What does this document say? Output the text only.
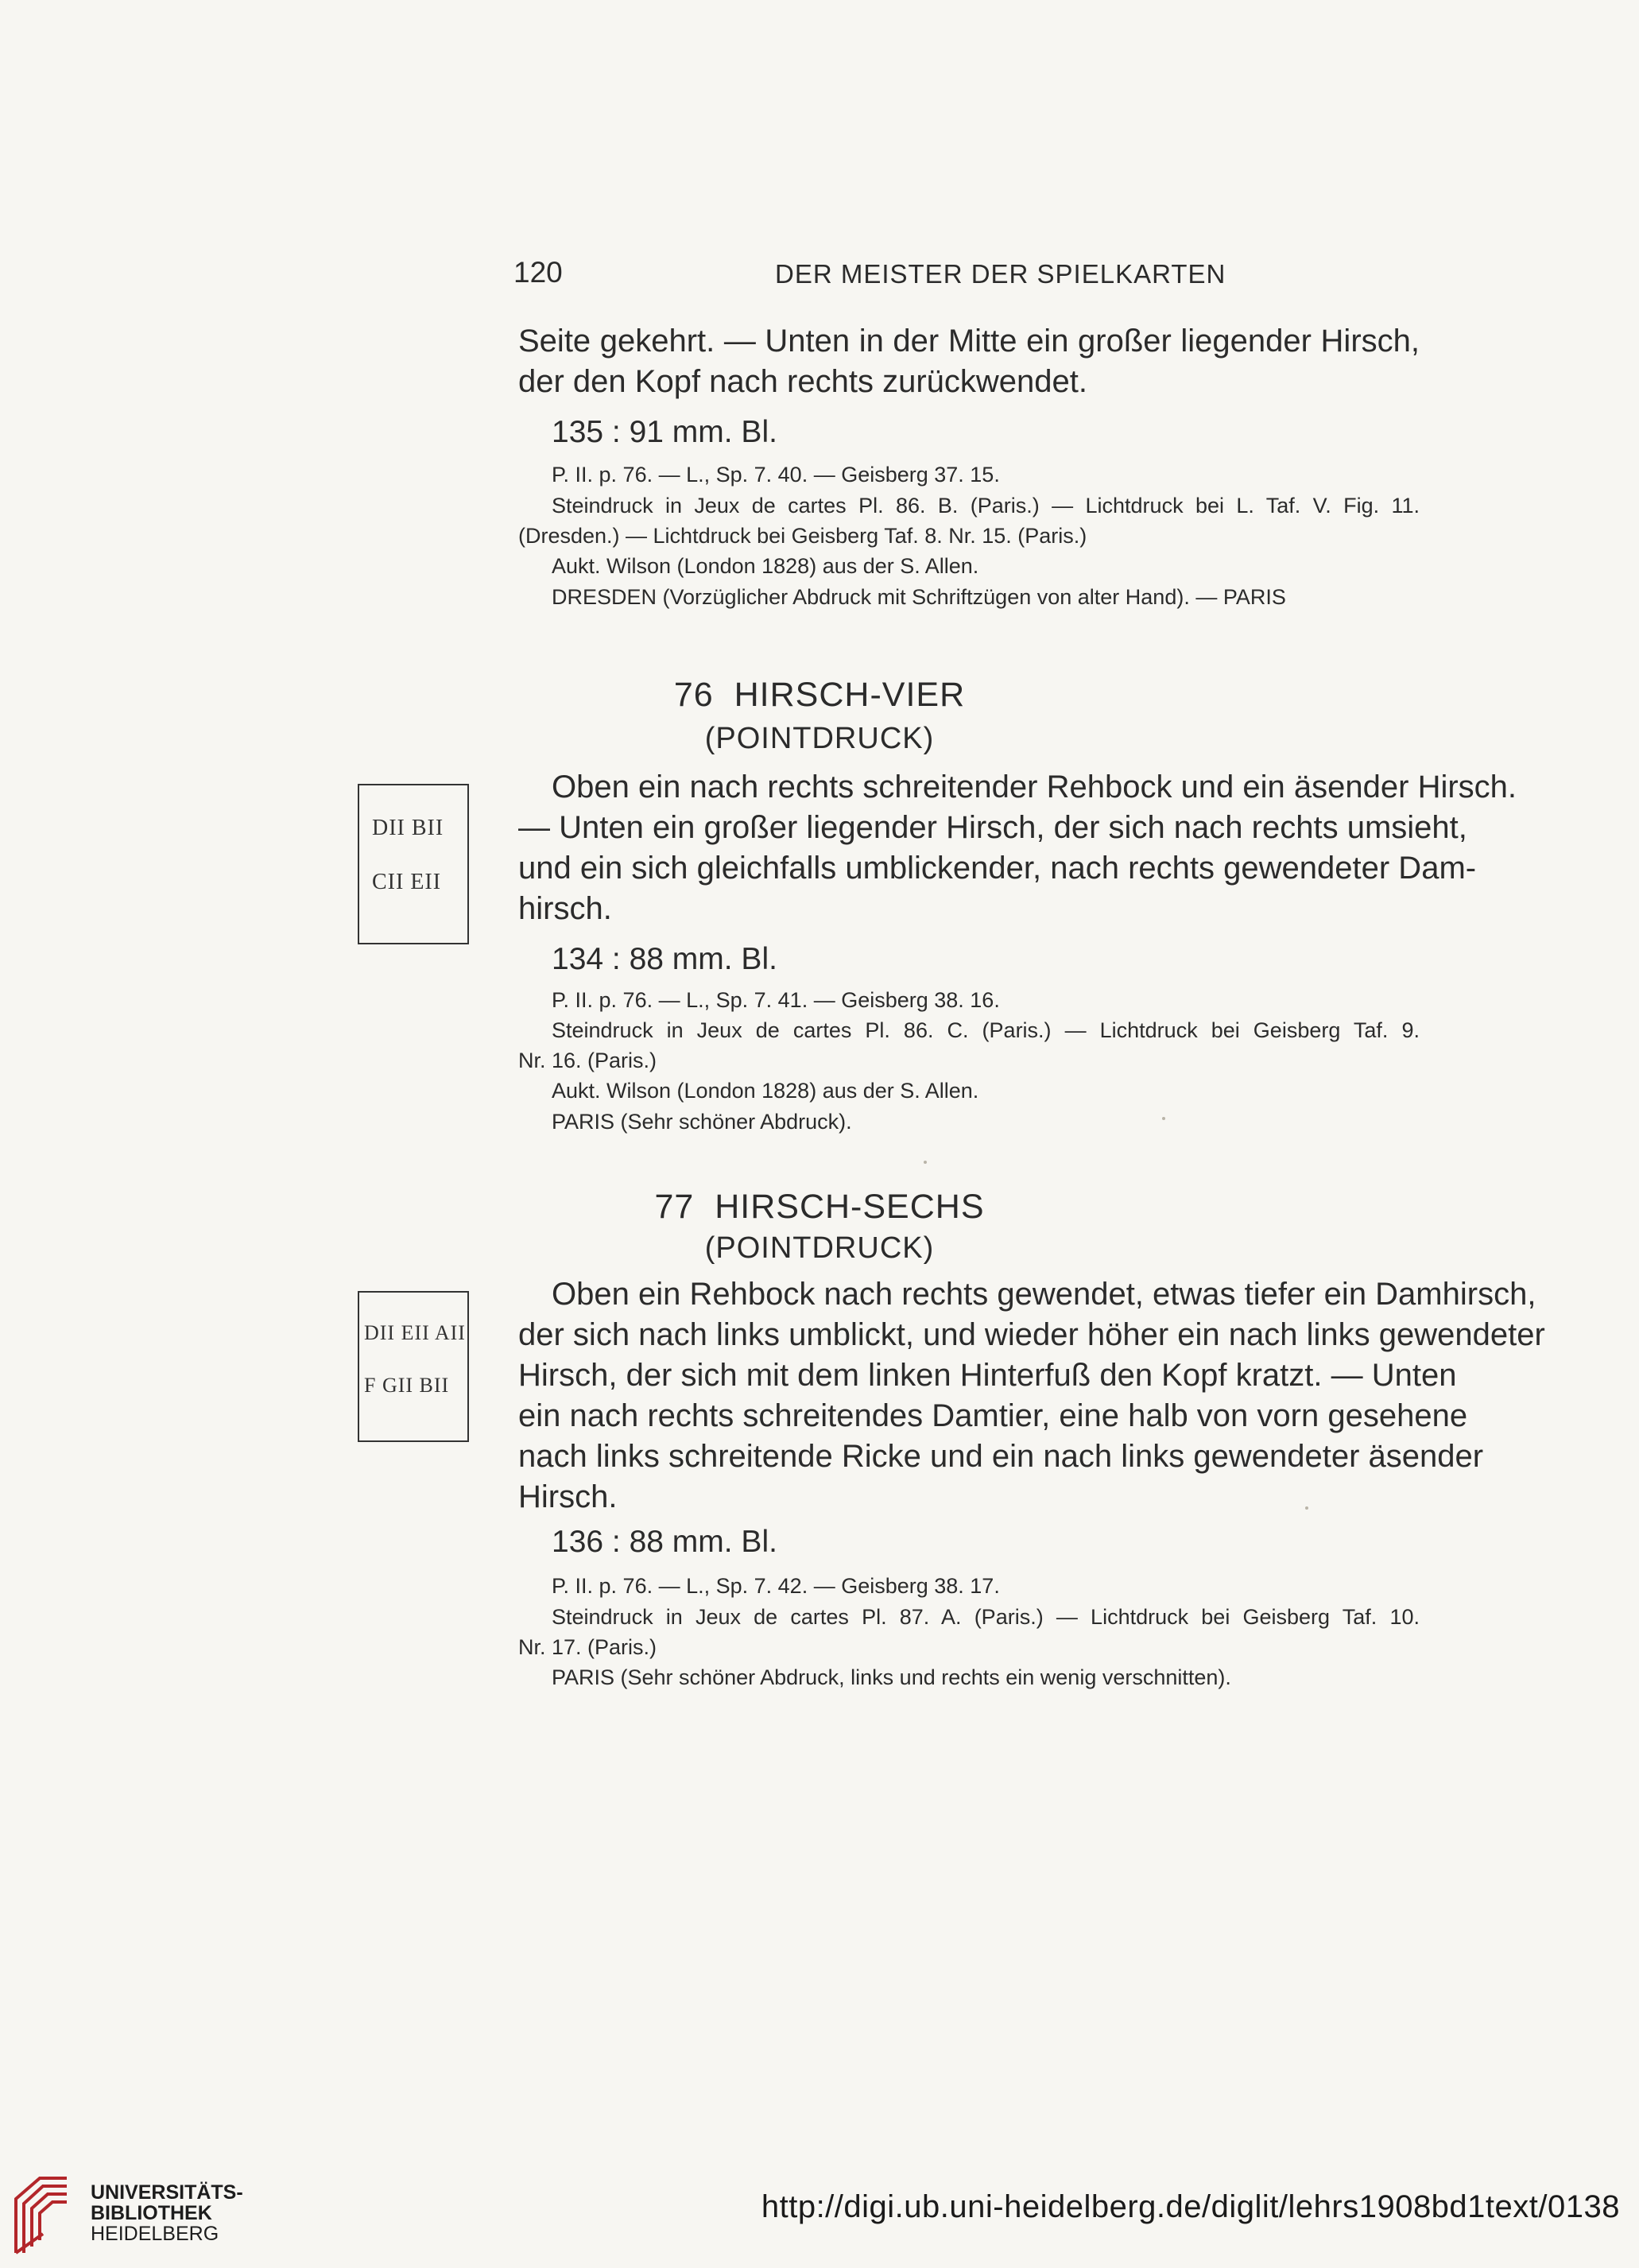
120	DER MEISTER DER SPIELKARTEN
Seite gekehrt. — Unten in der Mitte ein großer liegender Hirsch,
der den Kopf nach rechts zurückwendet.
135 : 91 mm. Bl.
P. II. p. 76. — L., Sp. 7. 40. — Geisberg 37. 15.
Steindruck in Jeux de cartes Pl. 86. B. (Paris.) — Lichtdruck bei L. Taf. V. Fig. 11.
(Dresden.) — Lichtdruck bei Geisberg Taf. 8. Nr. 15. (Paris.)
Aukt. Wilson (London 1828) aus der S. Allen.
DRESDEN (Vorzüglicher Abdruck mit Schriftzügen von alter Hand). — PARIS
76 HIRSCH-VIER
(POINTDRUCK)
DII BII
CII EII
Oben ein nach rechts schreitender Rehbock und ein äsender Hirsch.
— Unten ein großer liegender Hirsch, der sich nach rechts umsieht,
und ein sich gleichfalls umblickender, nach rechts gewendeter Dam-
hirsch.
134 : 88 mm. Bl.
P. II. p. 76. — L., Sp. 7. 41. — Geisberg 38. 16.
Steindruck in Jeux de cartes Pl. 86. C. (Paris.) — Lichtdruck bei Geisberg Taf. 9.
Nr. 16. (Paris.)
Aukt. Wilson (London 1828) aus der S. Allen.
PARIS (Sehr schöner Abdruck).
77 HIRSCH-SECHS
(POINTDRUCK)
DII EII AII
F GII BII
Oben ein Rehbock nach rechts gewendet, etwas tiefer ein Damhirsch,
der sich nach links umblickt, und wieder höher ein nach links gewendeter
Hirsch, der sich mit dem linken Hinterfuß den Kopf kratzt. — Unten
ein nach rechts schreitendes Damtier, eine halb von vorn gesehene
nach links schreitende Ricke und ein nach links gewendeter äsender
Hirsch.
136 : 88 mm. Bl.
P. II. p. 76. — L., Sp. 7. 42. — Geisberg 38. 17.
Steindruck in Jeux de cartes Pl. 87. A. (Paris.) — Lichtdruck bei Geisberg Taf. 10.
Nr. 17. (Paris.)
PARIS (Sehr schöner Abdruck, links und rechts ein wenig verschnitten).
UNIVERSITÄTS-
BIBLIOTHEK
HEIDELBERG
http://digi.ub.uni-heidelberg.de/diglit/lehrs1908bd1text/0138
